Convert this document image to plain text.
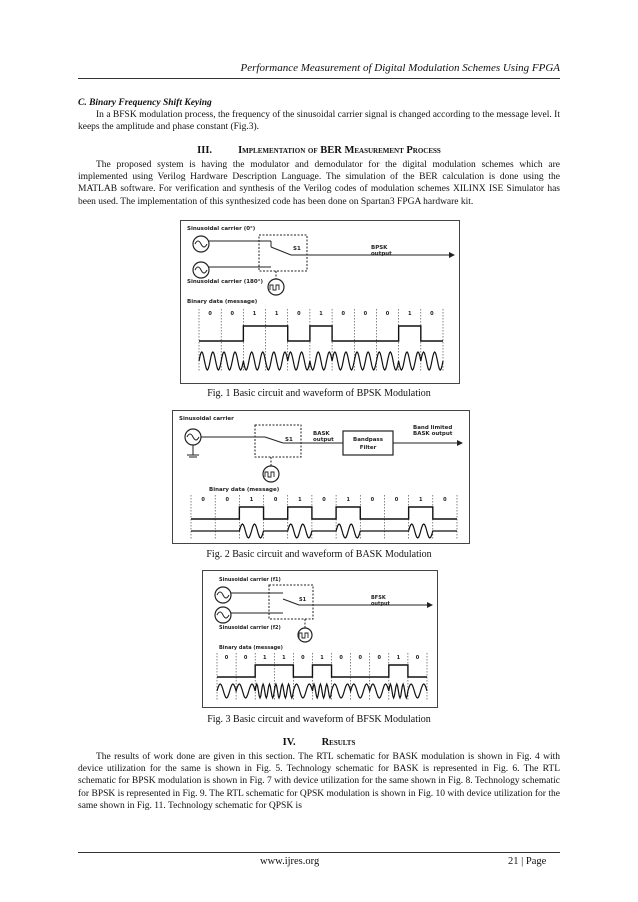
Performance Measurement of Digital Modulation Schemes Using FPGA
C. Binary Frequency Shift Keying
In a BFSK modulation process, the frequency of the sinusoidal carrier signal is changed according to the message level. It keeps the amplitude and phase constant (Fig.3).
III. Implementation of BER Measurement Process
The proposed system is having the modulator and demodulator for the digital modulation schemes which are implemented using Verilog Hardware Description Language. The simulation of the BER calculation is done using the MATLAB software. For verification and synthesis of the Verilog codes of modulation schemes XILINX ISE Simulator has been used. The implementation of this synthesized code has been done on Spartan3 FPGA hardware kit.
Sinusoidal carrier (0°)
Sinusoidal carrier (180°)
S1	BPSK
output
Binary data (message)
0	0	1	1	0	1	0	0	0	1	0
Fig. 1 Basic circuit and waveform of BPSK Modulation
Sinusoidal carrier
S1
BASK
output	Bandpass
Filter
Band limited
BASK output
Binary data (message)
0	0	1	0	1	0	1	0	0	1	0
Fig. 2 Basic circuit and waveform of BASK Modulation
Sinusoidal carrier (f1)
Sinusoidal carrier (f2)
S1	BFSK
output
Binary data (message)
0	0	1	1	0	1	0	0	0	1	0
Fig. 3 Basic circuit and waveform of BFSK Modulation
IV. Results
The results of work done are given in this section. The RTL schematic for BASK modulation is shown in Fig. 4 with device utilization for the same is shown in Fig. 5. Technology schematic for BASK is represented in Fig. 6. The RTL schematic for BPSK modulation is shown in Fig. 7 with device utilization for the same shown in Fig. 8. Technology schematic for BPSK is represented in Fig. 9. The RTL schematic for QPSK modulation is shown in Fig. 10 with device utilization for the same shown in Fig. 11. Technology schematic for QPSK is
www.ijres.org	21 | Page
